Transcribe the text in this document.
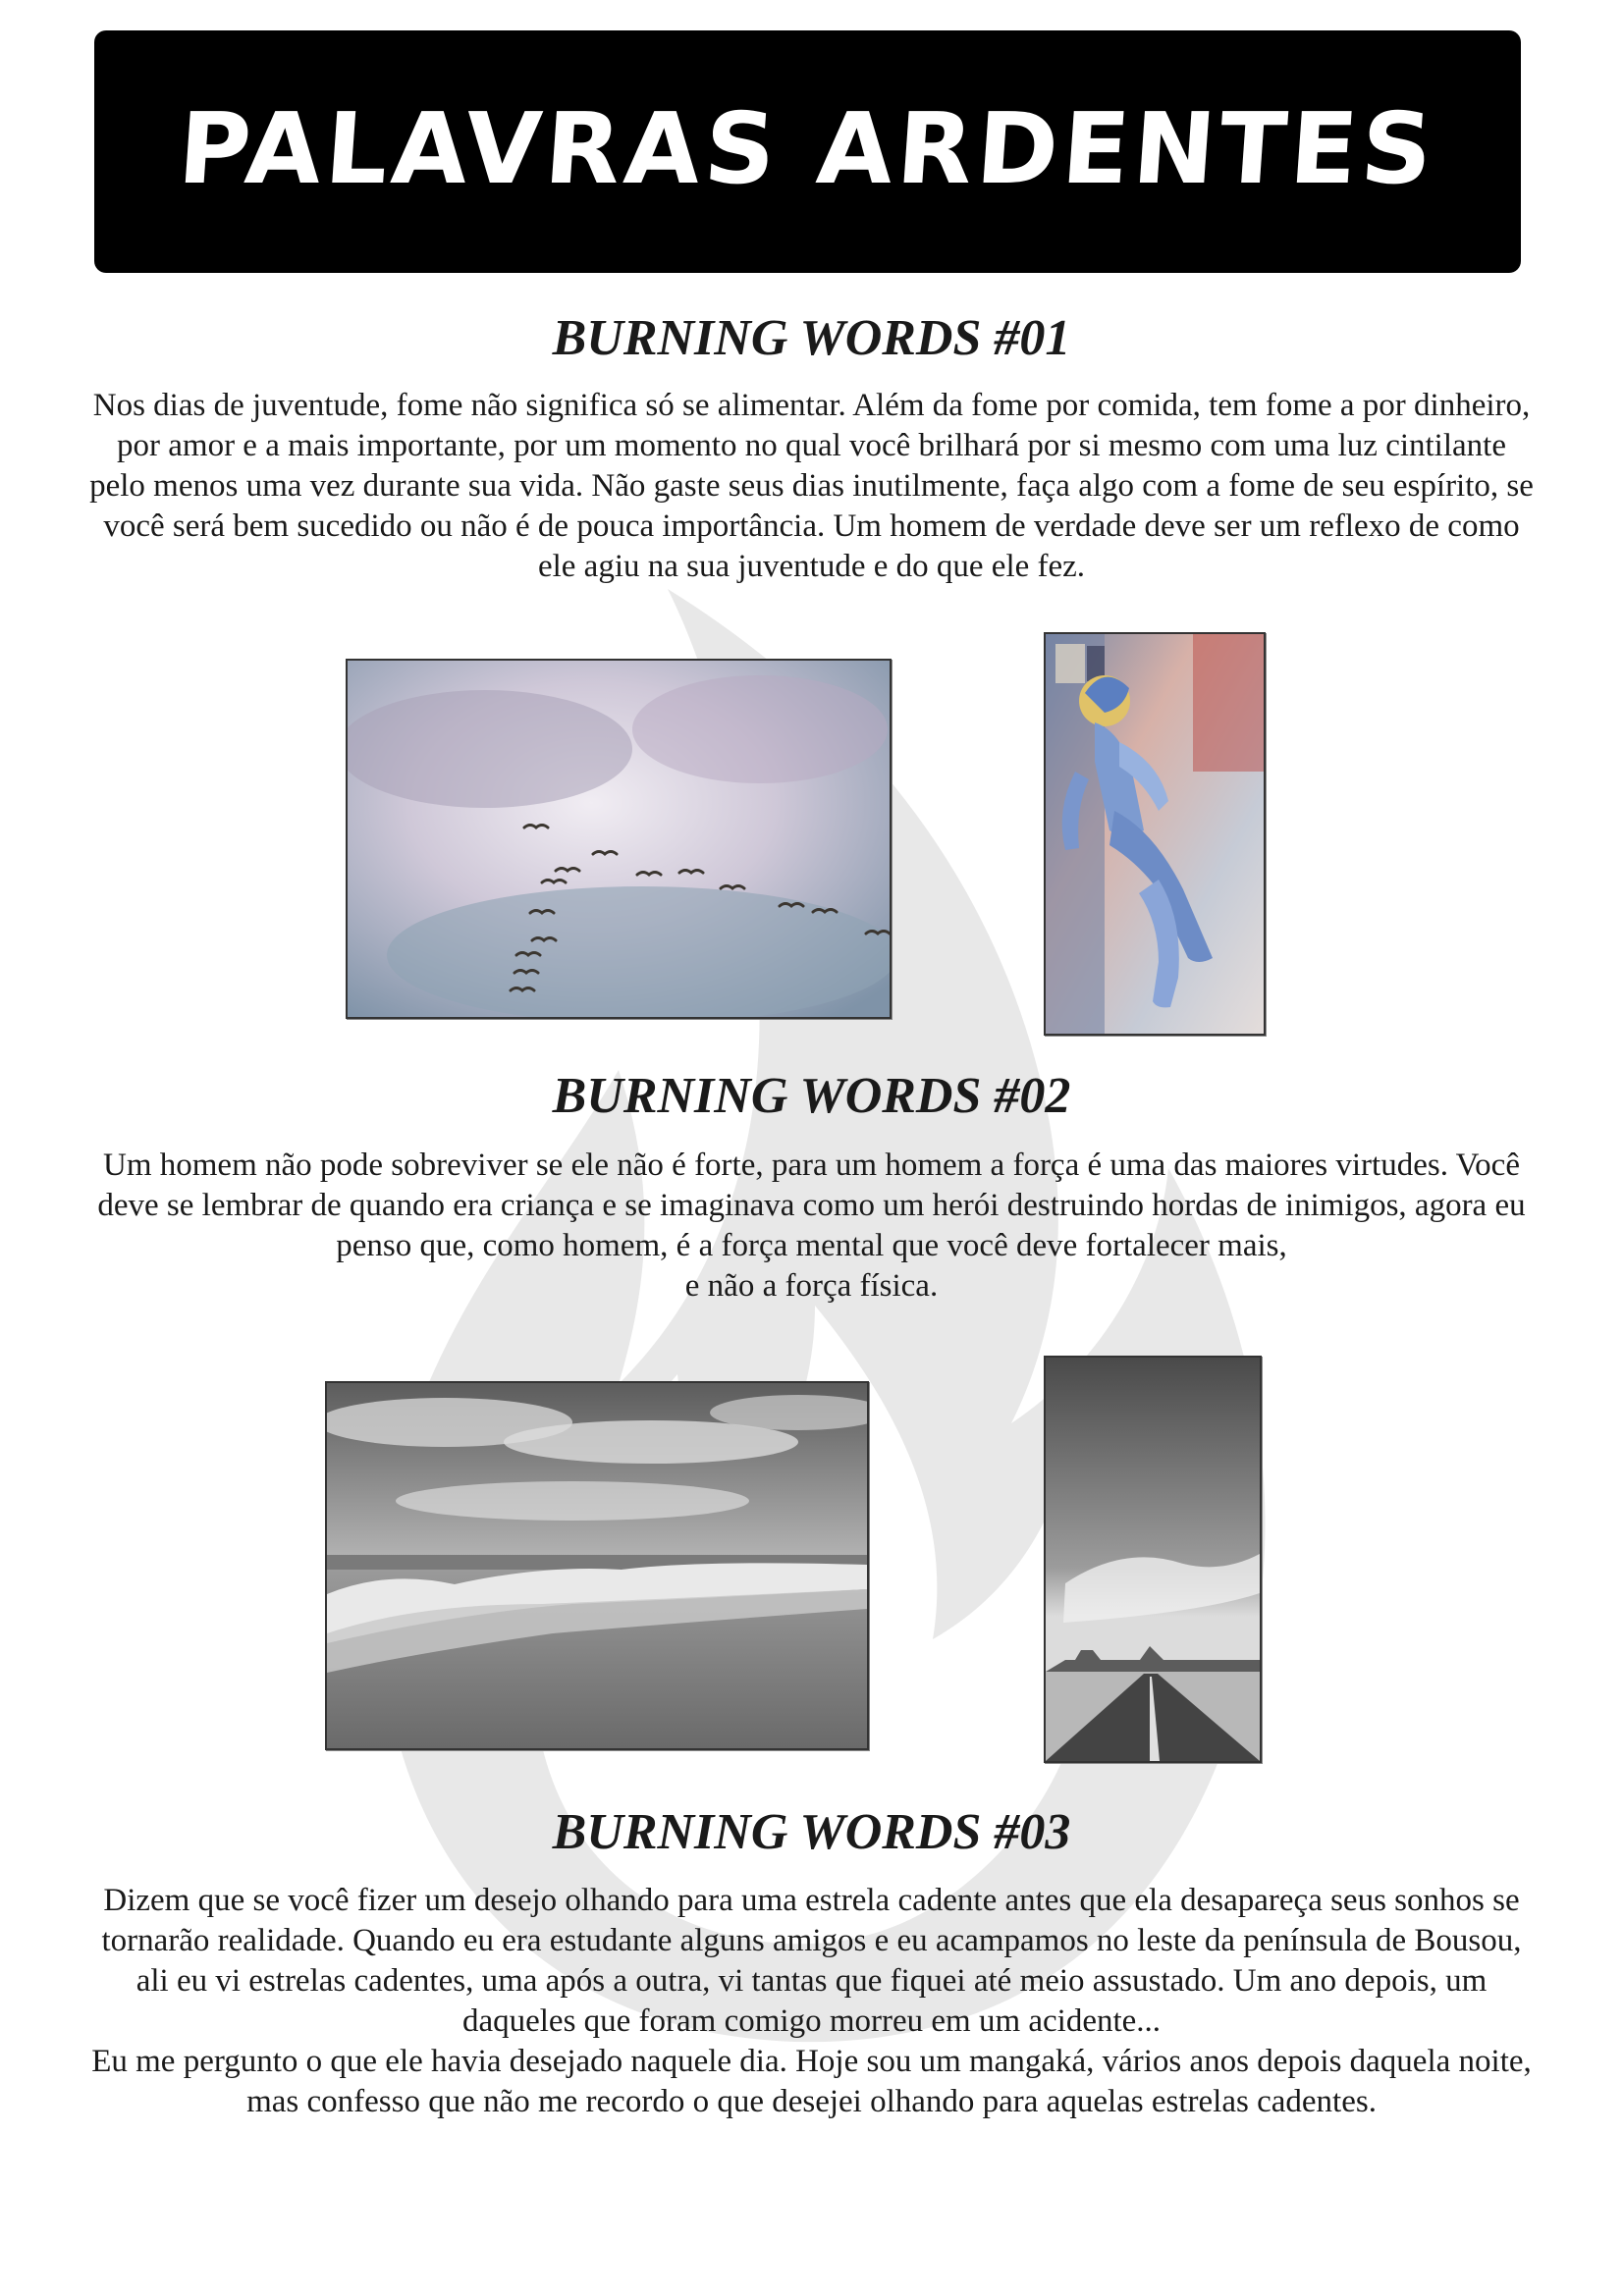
PALAVRAS ARDENTES
BURNING WORDS #01

Nos dias de juventude, fome não significa só se alimentar. Além da fome por comida, tem fome a por dinheiro, por amor e a mais importante, por um momento no qual você brilhará por si mesmo com uma luz cintilante pelo menos uma vez durante sua vida. Não gaste seus dias inutilmente, faça algo com a fome de seu espírito, se você será bem sucedido ou não é de pouca importância. Um homem de verdade deve ser um reflexo de como ele agiu na sua juventude e do que ele fez.

BURNING WORDS #02

Um homem não pode sobreviver se ele não é forte, para um homem a força é uma das maiores virtudes. Você deve se lembrar de quando era criança e se imaginava como um herói destruindo hordas de inimigos, agora eu penso que, como homem, é a força mental que você deve fortalecer mais,

e não a força física.

BURNING WORDS #03

Dizem que se você fizer um desejo olhando para uma estrela cadente antes que ela desapareça seus sonhos se tornarão realidade. Quando eu era estudante alguns amigos e eu acampamos no leste da península de Bousou, ali eu vi estrelas cadentes, uma após a outra, vi tantas que fiquei até meio assustado. Um ano depois, um daqueles que foram comigo morreu em um acidente...

Eu me pergunto o que ele havia desejado naquele dia. Hoje sou um mangaká, vários anos depois daquela noite, mas confesso que não me recordo o que desejei olhando para aquelas estrelas cadentes.
